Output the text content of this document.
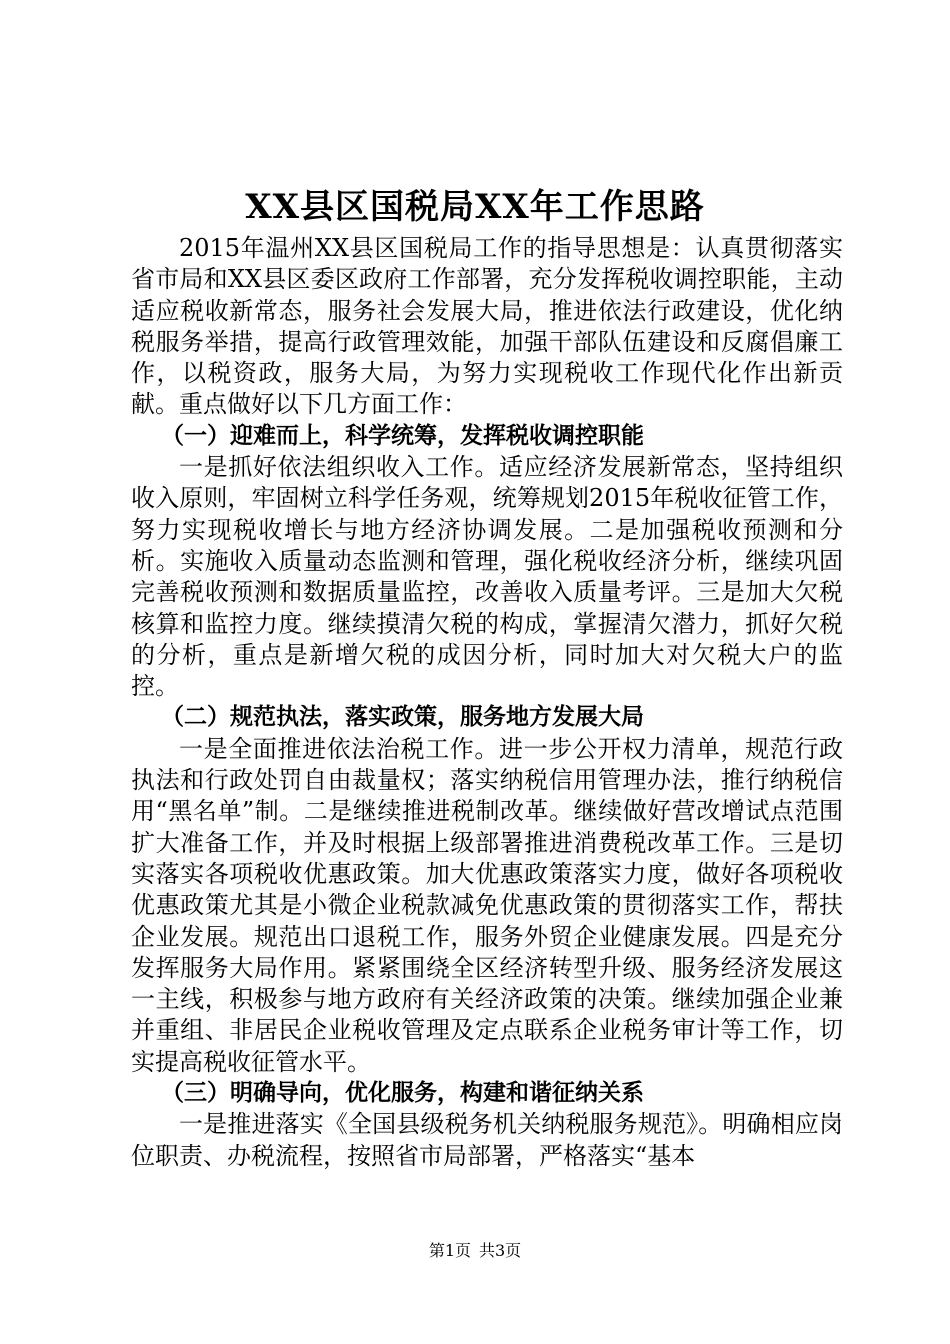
XX县区国税局XX年工作思路

2015年温州XX县区国税局工作的指导思想是：认真贯彻落实省市局和XX县区委区政府工作部署，充分发挥税收调控职能，主动适应税收新常态，服务社会发展大局，推进依法行政建设，优化纳税服务举措，提高行政管理效能，加强干部队伍建设和反腐倡廉工作，以税资政，服务大局，为努力实现税收工作现代化作出新贡献。重点做好以下几方面工作：

（一）迎难而上，科学统筹，发挥税收调控职能

一是抓好依法组织收入工作。适应经济发展新常态，坚持组织收入原则，牢固树立科学任务观，统筹规划2015年税收征管工作，努力实现税收增长与地方经济协调发展。二是加强税收预测和分析。实施收入质量动态监测和管理，强化税收经济分析，继续巩固完善税收预测和数据质量监控，改善收入质量考评。三是加大欠税核算和监控力度。继续摸清欠税的构成，掌握清欠潜力，抓好欠税的分析，重点是新增欠税的成因分析，同时加大对欠税大户的监控。

（二）规范执法，落实政策，服务地方发展大局

一是全面推进依法治税工作。进一步公开权力清单，规范行政执法和行政处罚自由裁量权；落实纳税信用管理办法，推行纳税信用“黑名单”制。二是继续推进税制改革。继续做好营改增试点范围扩大准备工作，并及时根据上级部署推进消费税改革工作。三是切实落实各项税收优惠政策。加大优惠政策落实力度，做好各项税收优惠政策尤其是小微企业税款减免优惠政策的贯彻落实工作，帮扶企业发展。规范出口退税工作，服务外贸企业健康发展。四是充分发挥服务大局作用。紧紧围绕全区经济转型升级、服务经济发展这一主线，积极参与地方政府有关经济政策的决策。继续加强企业兼并重组、非居民企业税收管理及定点联系企业税务审计等工作，切实提高税收征管水平。

（三）明确导向，优化服务，构建和谐征纳关系

一是推进落实《全国县级税务机关纳税服务规范》。明确相应岗位职责、办税流程，按照省市局部署，严格落实“基本

第1页 共3页
